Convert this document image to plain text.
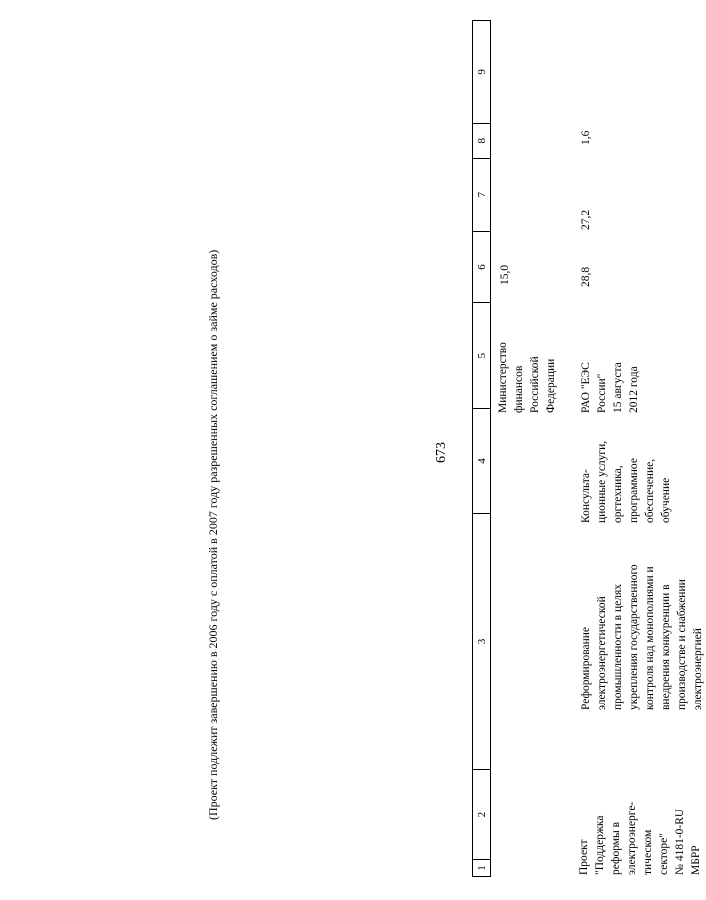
673
1
2
3
4
5
6
7
8
9
Министерство финансов Российской Федерации
15,0
Проект "Поддержка реформы в электроэнерге- тическом секторе" № 4181-0-RU МБРР
Реформирование электроэнергетической промышленности в целях укрепления государственного контроля над монополиями и внедрения конкуренции в производстве и снабжении электроэнергией
Консульта- ционные услуги, оргтехника, программное обеспечение, обучение
РАО "ЕЭС России" 15 августа 2012 года
28,8
27,2
1,6
(Проект подлежит завершению в 2006 году с оплатой в 2007 году разрешенных соглашением о займе расходов)
